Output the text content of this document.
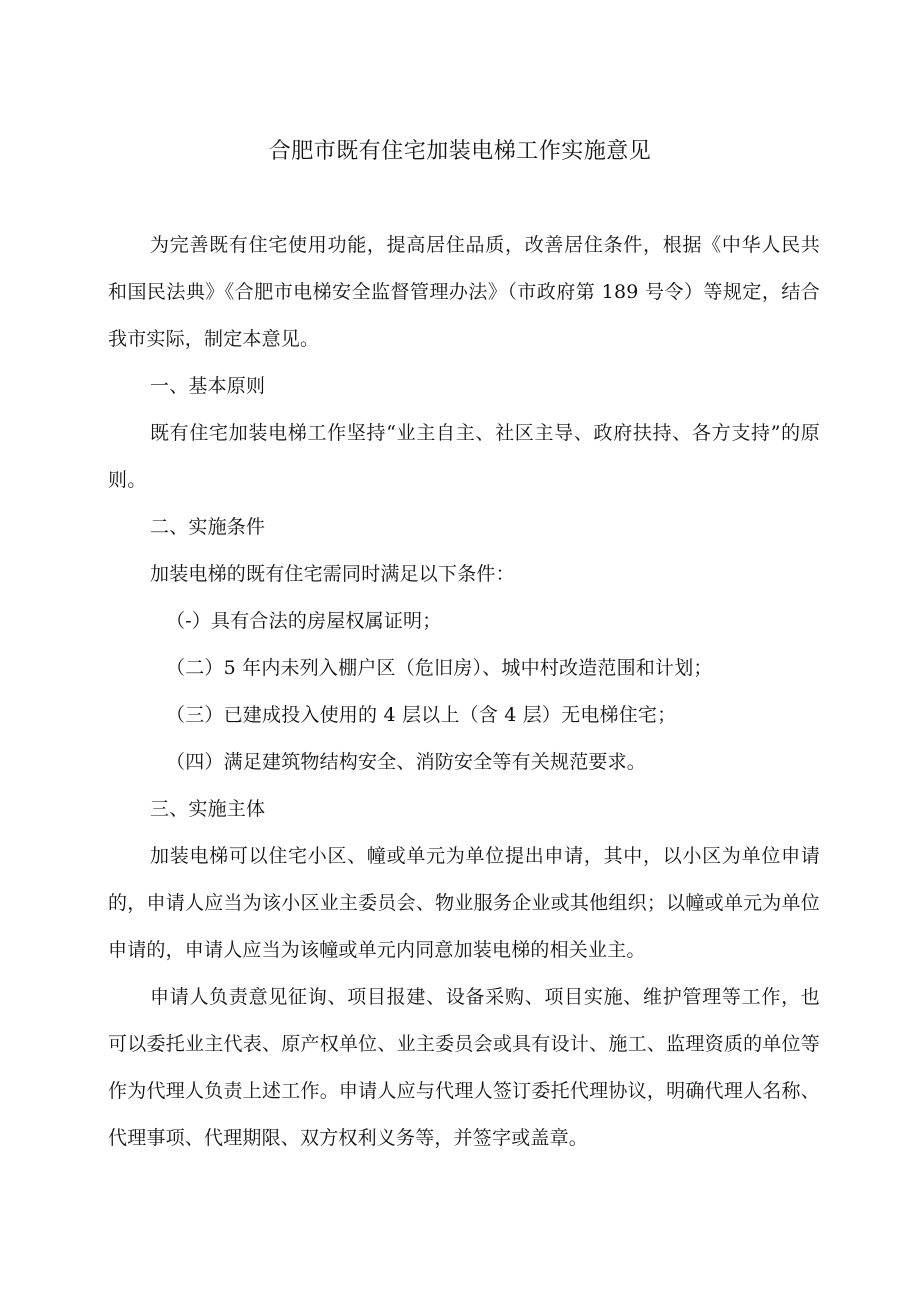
合肥市既有住宅加装电梯工作实施意见

为完善既有住宅使用功能，提高居住品质，改善居住条件，根据《中华人民共和国民法典》《合肥市电梯安全监督管理办法》（市政府第 189 号令）等规定，结合我市实际，制定本意见。

一、基本原则

既有住宅加装电梯工作坚持“业主自主、社区主导、政府扶持、各方支持”的原则。

二、实施条件

加装电梯的既有住宅需同时满足以下条件：

（-）具有合法的房屋权属证明；

（二）5 年内未列入棚户区（危旧房）、城中村改造范围和计划；

（三）已建成投入使用的 4 层以上（含 4 层）无电梯住宅；

（四）满足建筑物结构安全、消防安全等有关规范要求。

三、实施主体

加装电梯可以住宅小区、幢或单元为单位提出申请，其中，以小区为单位申请的，申请人应当为该小区业主委员会、物业服务企业或其他组织；以幢或单元为单位申请的，申请人应当为该幢或单元内同意加装电梯的相关业主。

申请人负责意见征询、项目报建、设备采购、项目实施、维护管理等工作，也可以委托业主代表、原产权单位、业主委员会或具有设计、施工、监理资质的单位等作为代理人负责上述工作。申请人应与代理人签订委托代理协议，明确代理人名称、代理事项、代理期限、双方权利义务等，并签字或盖章。
